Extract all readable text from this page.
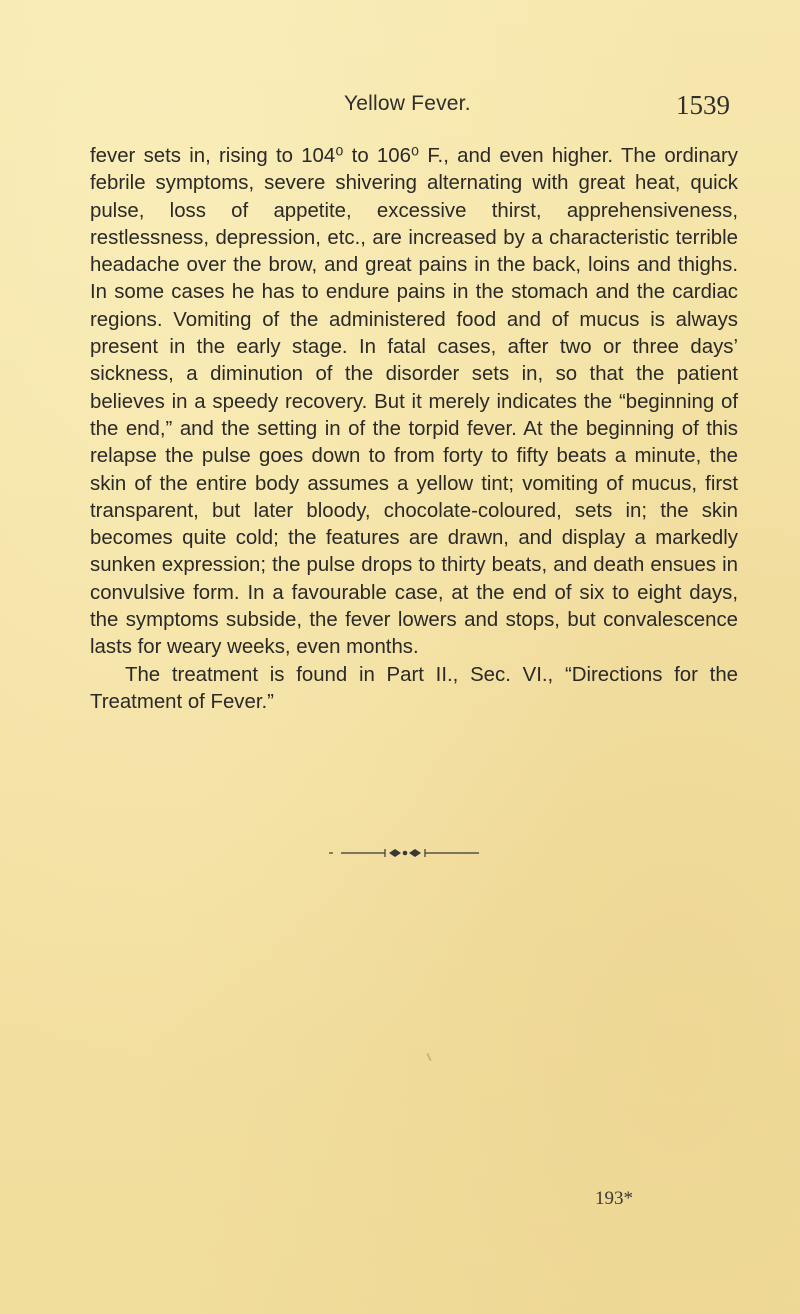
Yellow Fever.	1539

fever sets in, rising to 104⁰ to 106⁰ F., and even higher. The ordinary febrile symptoms, severe shivering alternating with great heat, quick pulse, loss of appetite, excessive thirst, apprehensiveness, restlessness, depression, etc., are increased by a characteristic terrible headache over the brow, and great pains in the back, loins and thighs. In some cases he has to endure pains in the stomach and the cardiac regions. Vomiting of the administered food and of mucus is always present in the early stage. In fatal cases, after two or three days’ sickness, a diminution of the disorder sets in, so that the patient believes in a speedy recovery. But it merely indicates the “beginning of the end,” and the setting in of the torpid fever. At the beginning of this relapse the pulse goes down to from forty to fifty beats a minute, the skin of the entire body assumes a yellow tint; vomiting of mucus, first transparent, but later bloody, chocolate-coloured, sets in; the skin becomes quite cold; the features are drawn, and display a markedly sunken expression; the pulse drops to thirty beats, and death ensues in convulsive form. In a favourable case, at the end of six to eight days, the symptoms subside, the fever lowers and stops, but convalescence lasts for weary weeks, even months.

The treatment is found in Part II., Sec. VI., “Directions for the Treatment of Fever.”

193*
